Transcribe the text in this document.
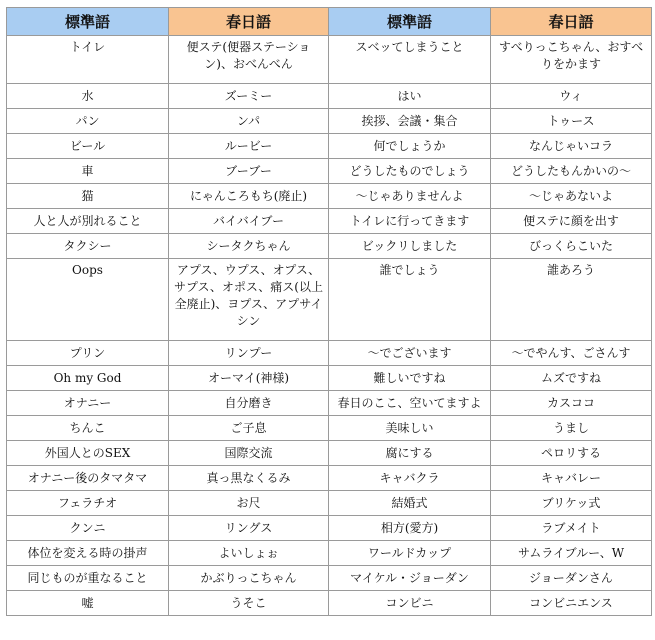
標準語	春日語	標準語	春日語
トイレ	便ステ(便器ステーション)、おべんべん	スベッてしまうこと	すべりっこちゃん、おすべりをかます
水	ズーミー	はい	ウィ
パン	ンパ	挨拶、会議・集合	トゥース
ビール	ルービー	何でしょうか	なんじゃいコラ
車	ブーブー	どうしたものでしょう	どうしたもんかいの〜
猫	にゃんころもち(廃止)	〜じゃありませんよ	〜じゃあないよ
人と人が別れること	バイバイブー	トイレに行ってきます	便ステに顔を出す
タクシー	シータクちゃん	ビックリしました	びっくらこいた
Oops	アプス、ウプス、オプス、サプス、オポス、痛ス(以上全廃止)、ヨプス、アプサイシン	誰でしょう	誰あろう
プリン	リンプー	〜でございます	〜でやんす、ごさんす
Oh my God	オーマイ(神様)	難しいですね	ムズですね
オナニー	自分磨き	春日のここ、空いてますよ	カスココ
ちんこ	ご子息	美味しい	うまし
外国人とのSEX	国際交流	腐にする	ペロリする
オナニー後のタマタマ	真っ黒なくるみ	キャバクラ	キャバレー
フェラチオ	お尺	結婚式	ブリケッ式
クンニ	リングス	相方(愛方)	ラブメイト
体位を変える時の掛声	よいしょぉ	ワールドカップ	サムライブルー、W
同じものが重なること	かぶりっこちゃん	マイケル・ジョーダン	ジョーダンさん
嘘	うそこ	コンビニ	コンビニエンス
